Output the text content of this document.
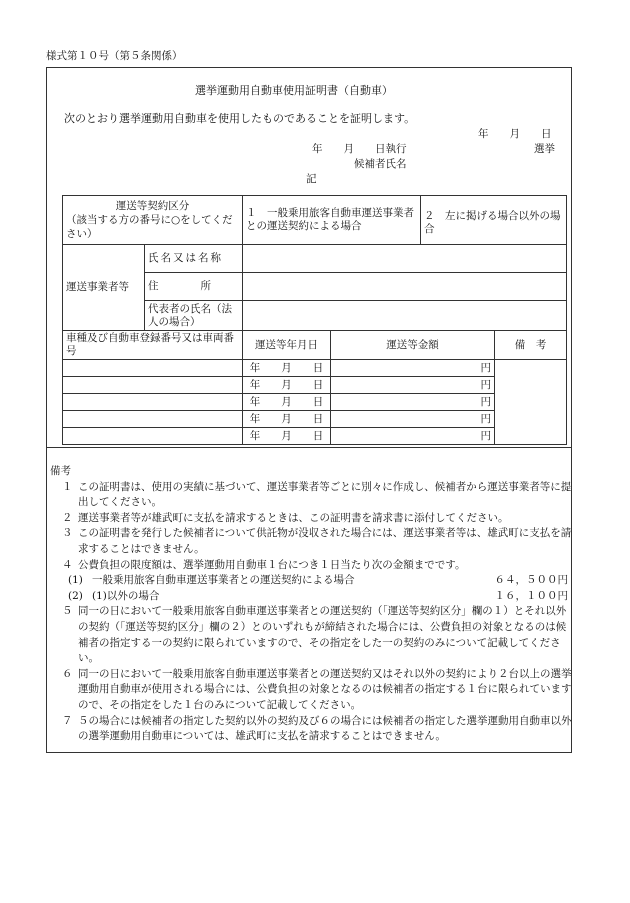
様式第１０号（第５条関係）
選挙運動用自動車使用証明書（自動車）
次のとおり選挙運動用自動車を使用したものであることを証明します。
年　　月　　日
年　　月　　日執行	選挙
候補者氏名
記
運送等契約区分
（該当する方の番号に○をしてください）		１　一般乗用旅客自動車運送事業者との運送契約による場合		２　左に掲げる場合以外の場合	
運送事業者等	氏名又は名称				
	住　　　　所				
	代表者の氏名（法人の場合）				
車種及び自動車登録番号又は車両番号		運送等年月日	運送等金額		備　考
		年　　月　　日	円		
		年　　月　　日	円		
		年　　月　　日	円		
		年　　月　　日	円		
		年　　月　　日	円		
備考
１ この証明書は、使用の実績に基づいて、運送事業者等ごとに別々に作成し、候補者から運送事業者等に提出してください。
２ 運送事業者等が雄武町に支払を請求するときは、この証明書を請求書に添付してください。
３ この証明書を発行した候補者について供託物が没収された場合には、運送事業者等は、雄武町に支払を請求することはできません。
４ 公費負担の限度額は、選挙運動用自動車１台につき１日当たり次の金額までです。
(1) 一般乗用旅客自動車運送事業者との運送契約による場合	６４，５００円
(2) (1)以外の場合	１６，１００円
５ 同一の日において一般乗用旅客自動車運送事業者との運送契約（「運送等契約区分」欄の１）とそれ以外の契約（「運送等契約区分」欄の２）とのいずれもが締結された場合には、公費負担の対象となるのは候補者の指定する一の契約に限られていますので、その指定をした一の契約のみについて記載してください。
６ 同一の日において一般乗用旅客自動車運送事業者との運送契約又はそれ以外の契約により２台以上の選挙運動用自動車が使用される場合には、公費負担の対象となるのは候補者の指定する１台に限られていますので、その指定をした１台のみについて記載してください。
７ ５の場合には候補者の指定した契約以外の契約及び６の場合には候補者の指定した選挙運動用自動車以外の選挙運動用自動車については、雄武町に支払を請求することはできません。
